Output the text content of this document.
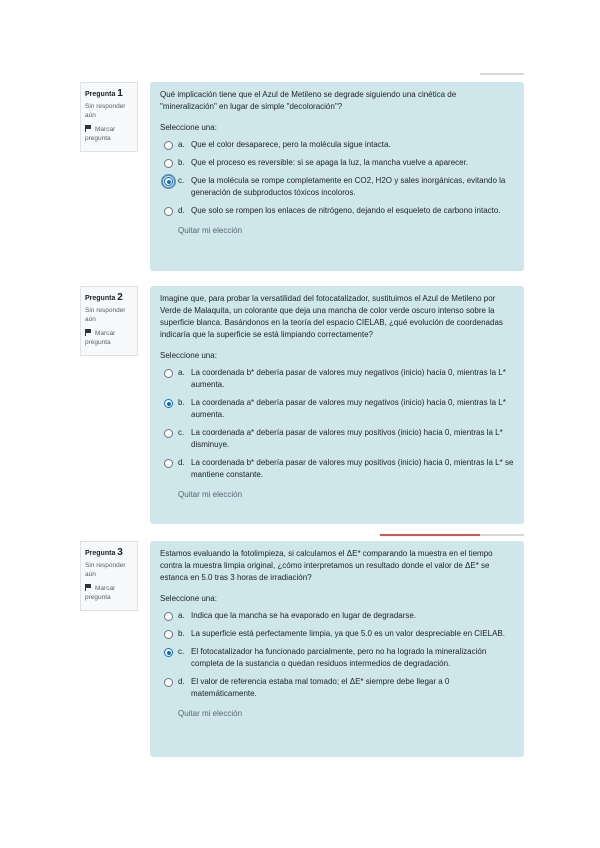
Pregunta 1
Sin responder aún
Marcar pregunta
Qué implicación tiene que el Azul de Metileno se degrade siguiendo una cinética de "mineralización" en lugar de simple "decoloración"?
Seleccione una:
a. Que el color desaparece, pero la molécula sigue intacta.
b. Que el proceso es reversible: si se apaga la luz, la mancha vuelve a aparecer.
c. Que la molécula se rompe completamente en CO2, H2O y sales inorgánicas, evitando la generación de subproductos tóxicos incoloros.
d. Que solo se rompen los enlaces de nitrógeno, dejando el esqueleto de carbono intacto.
Quitar mi elección
Pregunta 2
Sin responder aún
Marcar pregunta
Imagine que, para probar la versatilidad del fotocatalizador, sustituimos el Azul de Metileno por Verde de Malaquita, un colorante que deja una mancha de color verde oscuro intenso sobre la superficie blanca. Basándonos en la teoría del espacio CIELAB, ¿qué evolución de coordenadas indicaría que la superficie se está limpiando correctamente?
Seleccione una:
a. La coordenada b* debería pasar de valores muy negativos (inicio) hacia 0, mientras la L* aumenta.
b. La coordenada a* debería pasar de valores muy negativos (inicio) hacia 0, mientras la L* aumenta.
c. La coordenada a* debería pasar de valores muy positivos (inicio) hacia 0, mientras la L* disminuye.
d. La coordenada b* debería pasar de valores muy positivos (inicio) hacia 0, mientras la L* se mantiene constante.
Quitar mi elección
Pregunta 3
Sin responder aún
Marcar pregunta
Estamos evaluando la fotolimpieza, si calculamos el ΔE* comparando la muestra en el tiempo contra la muestra limpia original, ¿cómo interpretamos un resultado donde el valor de ΔE* se estanca en 5.0 tras 3 horas de irradiación?
Seleccione una:
a. Indica que la mancha se ha evaporado en lugar de degradarse.
b. La superficie está perfectamente limpia, ya que 5.0 es un valor despreciable en CIELAB.
c. El fotocatalizador ha funcionado parcialmente, pero no ha logrado la mineralización completa de la sustancia o quedan residuos intermedios de degradación.
d. El valor de referencia estaba mal tomado; el ΔE* siempre debe llegar a 0 matemáticamente.
Quitar mi elección
